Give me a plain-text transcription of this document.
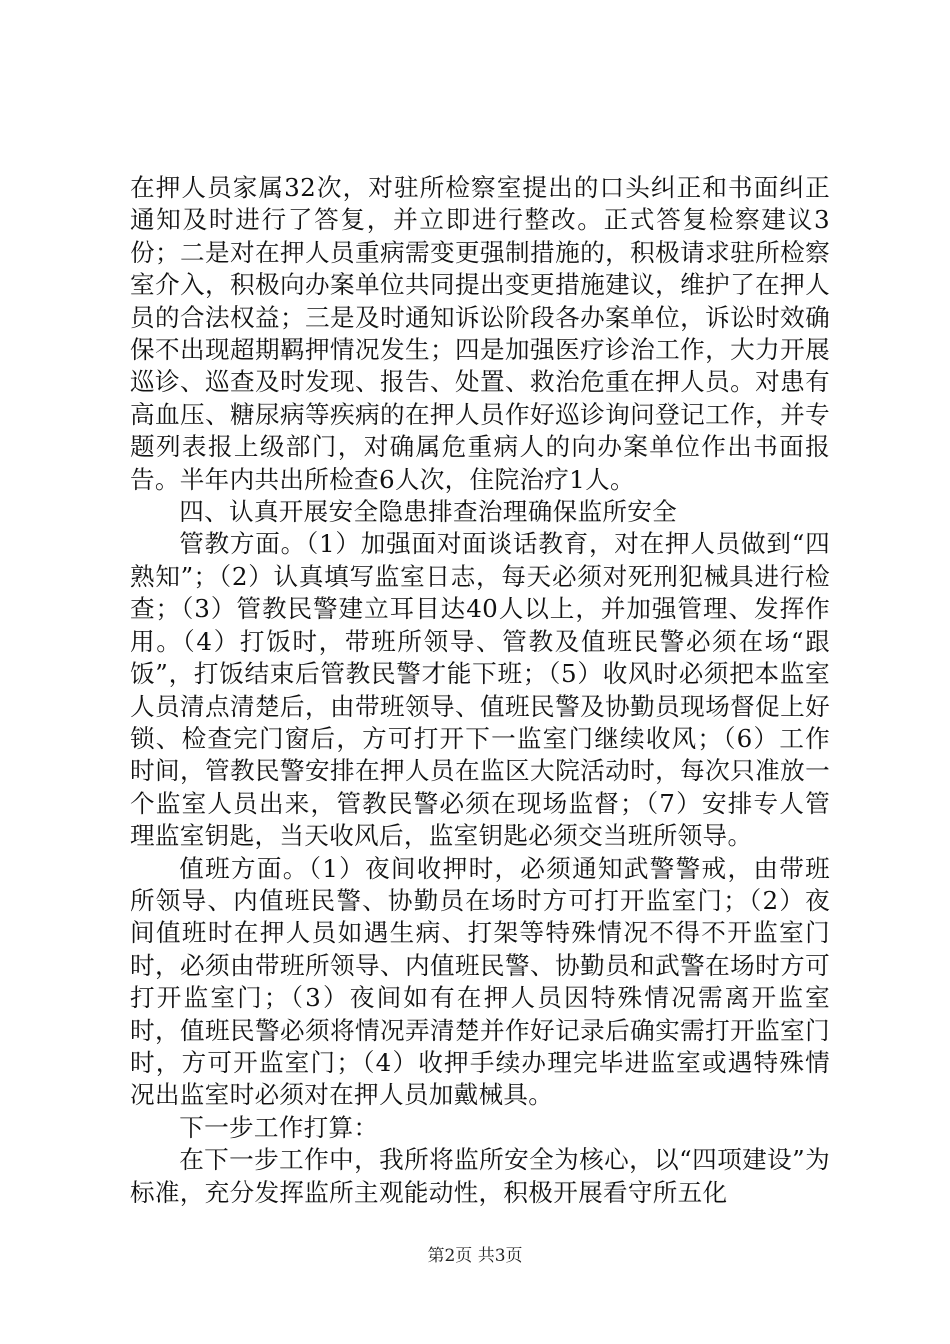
在押人员家属32次，对驻所检察室提出的口头纠正和书面纠正通知及时进行了答复，并立即进行整改。正式答复检察建议3份；二是对在押人员重病需变更强制措施的，积极请求驻所检察室介入，积极向办案单位共同提出变更措施建议，维护了在押人员的合法权益；三是及时通知诉讼阶段各办案单位，诉讼时效确保不出现超期羁押情况发生；四是加强医疗诊治工作，大力开展巡诊、巡查及时发现、报告、处置、救治危重在押人员。对患有高血压、糖尿病等疾病的在押人员作好巡诊询问登记工作，并专题列表报上级部门，对确属危重病人的向办案单位作出书面报告。半年内共出所检查6人次，住院治疗1人。

四、认真开展安全隐患排查治理确保监所安全

管教方面。（1）加强面对面谈话教育，对在押人员做到“四熟知”；（2）认真填写监室日志，每天必须对死刑犯械具进行检查；（3）管教民警建立耳目达40人以上，并加强管理、发挥作用。（4）打饭时，带班所领导、管教及值班民警必须在场“跟饭”，打饭结束后管教民警才能下班；（5）收风时必须把本监室人员清点清楚后，由带班领导、值班民警及协勤员现场督促上好锁、检查完门窗后，方可打开下一监室门继续收风；（6）工作时间，管教民警安排在押人员在监区大院活动时，每次只准放一个监室人员出来，管教民警必须在现场监督；（7）安排专人管理监室钥匙，当天收风后，监室钥匙必须交当班所领导。

值班方面。（1）夜间收押时，必须通知武警警戒，由带班所领导、内值班民警、协勤员在场时方可打开监室门；（2）夜间值班时在押人员如遇生病、打架等特殊情况不得不开监室门时，必须由带班所领导、内值班民警、协勤员和武警在场时方可打开监室门；（3）夜间如有在押人员因特殊情况需离开监室时，值班民警必须将情况弄清楚并作好记录后确实需打开监室门时，方可开监室门；（4）收押手续办理完毕进监室或遇特殊情况出监室时必须对在押人员加戴械具。

下一步工作打算：

在下一步工作中，我所将监所安全为核心，以“四项建设”为标准，充分发挥监所主观能动性，积极开展看守所五化

第2页 共3页
